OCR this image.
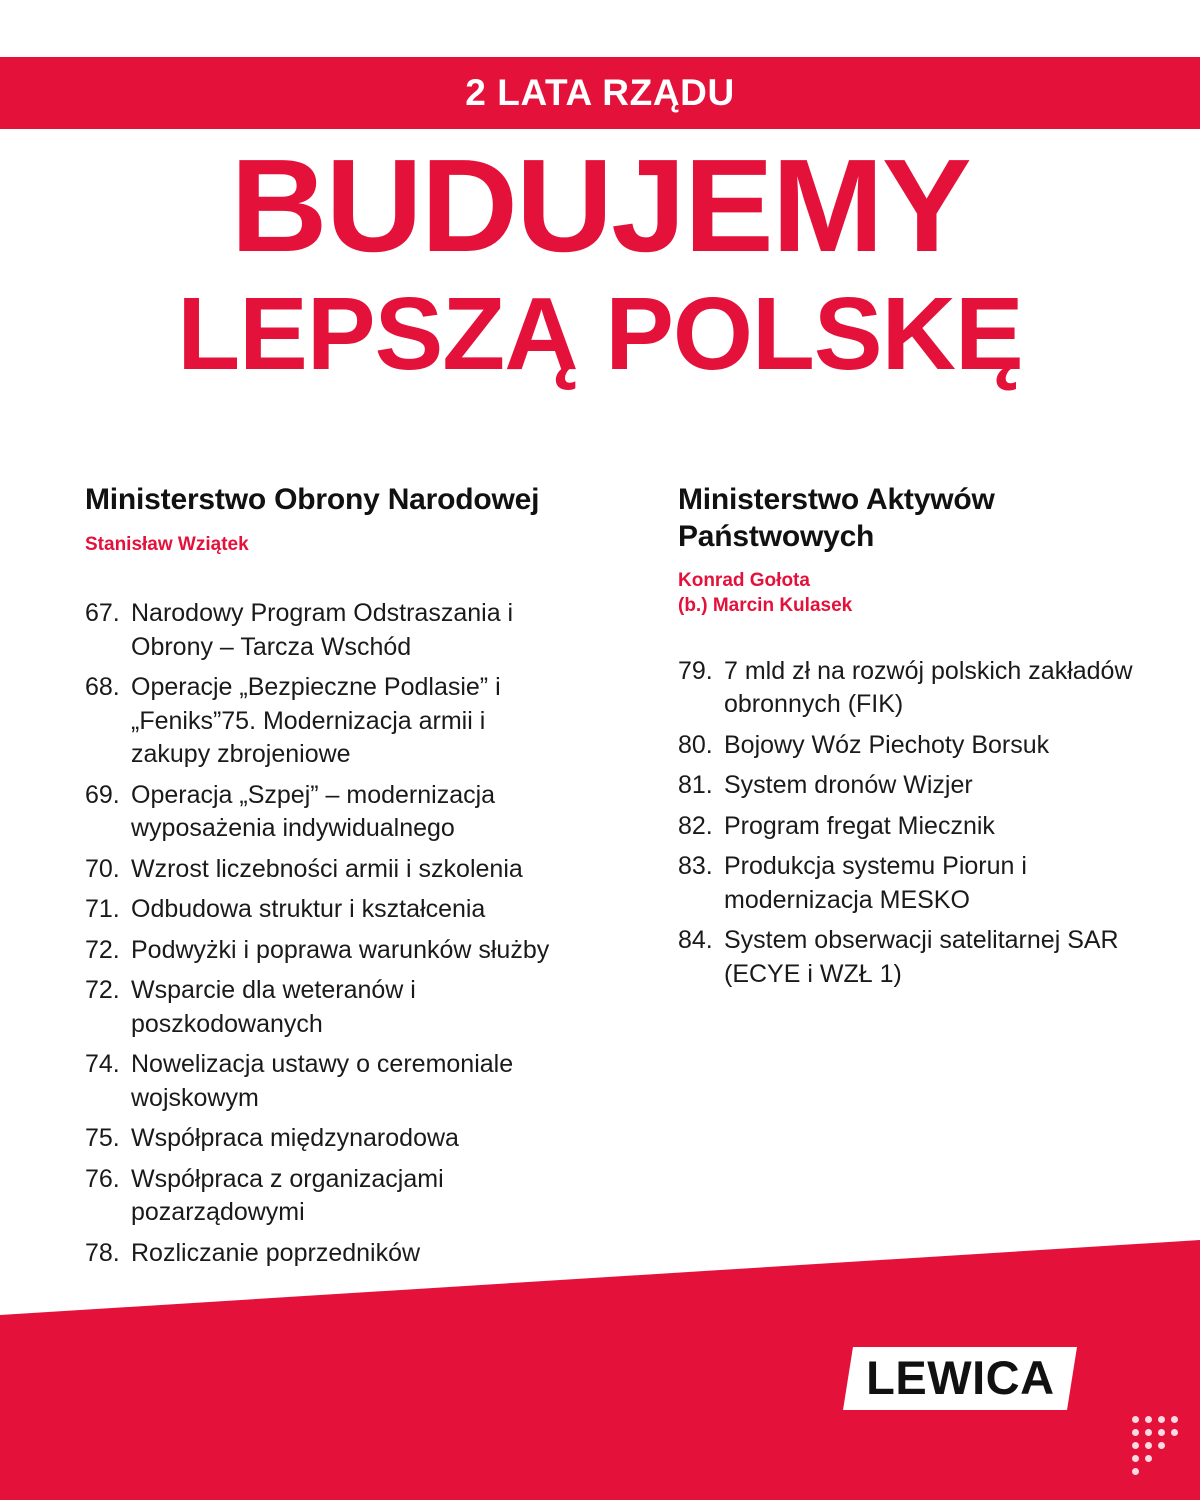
2 LATA RZĄDU
BUDUJEMY
LEPSZĄ POLSKĘ
Ministerstwo Obrony Narodowej
Stanisław Wziątek
67. Narodowy Program Odstraszania i Obrony – Tarcza Wschód
68. Operacje „Bezpieczne Podlasie” i „Feniks”75. Modernizacja armii i zakupy zbrojeniowe
69. Operacja „Szpej” – modernizacja wyposażenia indywidualnego
70. Wzrost liczebności armii i szkolenia
71. Odbudowa struktur i kształcenia
72. Podwyżki i poprawa warunków służby
72. Wsparcie dla weteranów i poszkodowanych
74. Nowelizacja ustawy o ceremoniale wojskowym
75. Współpraca międzynarodowa
76. Współpraca z organizacjami pozarządowymi
78. Rozliczanie poprzedników
Ministerstwo Aktywów Państwowych
Konrad Gołota
(b.) Marcin Kulasek
79. 7 mld zł na rozwój polskich zakładów obronnych (FIK)
80. Bojowy Wóz Piechoty Borsuk
81. System dronów Wizjer
82. Program fregat Miecznik
83. Produkcja systemu Piorun i modernizacja MESKO
84. System obserwacji satelitarnej SAR (ECYE i WZŁ 1)
LEWICA
